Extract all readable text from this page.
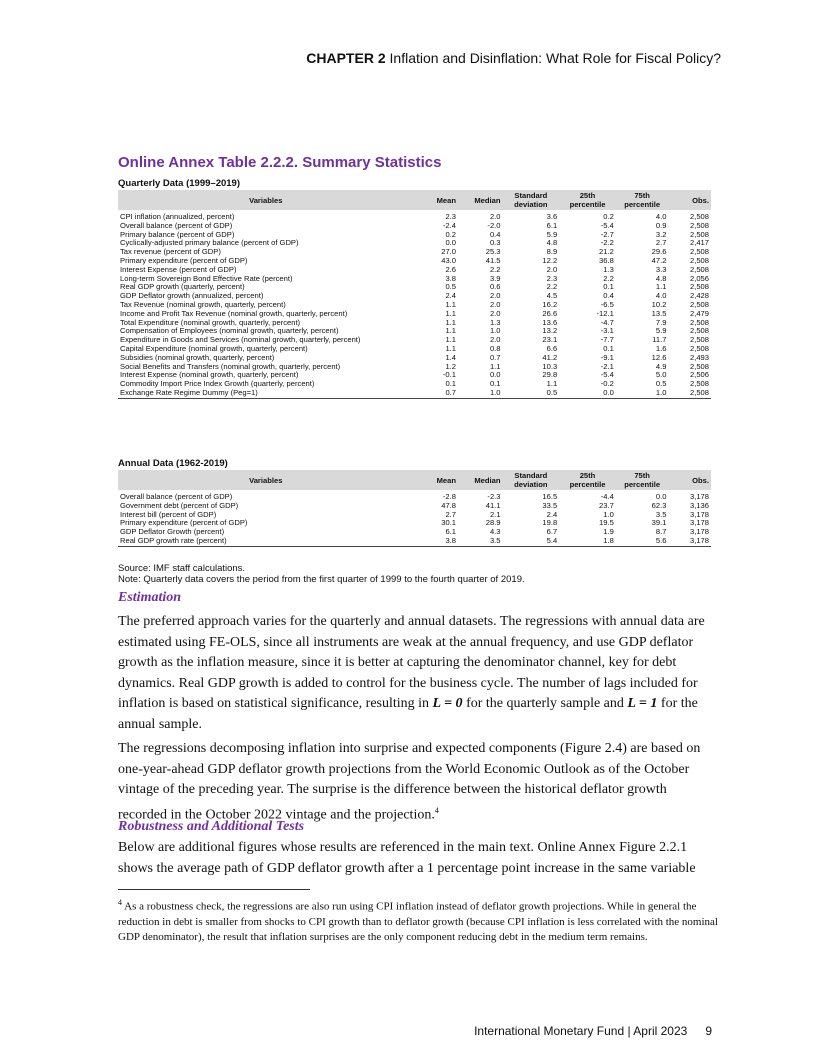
CHAPTER 2 Inflation and Disinflation: What Role for Fiscal Policy?
Online Annex Table 2.2.2. Summary Statistics
Quarterly Data (1999–2019)
Variables	Mean	Median	Standard deviation	25th percentile	75th percentile	Obs.
CPI inflation (annualized, percent)	2.3	2.0	3.6	0.2	4.0	2,508
Overall balance (percent of GDP)	-2.4	-2.0	6.1	-5.4	0.9	2,508
Primary balance (percent of GDP)	0.2	0.4	5.9	-2.7	3.2	2,508
Cyclically-adjusted primary balance (percent of GDP)	0.0	0.3	4.8	-2.2	2.7	2,417
Tax revenue (percent of GDP)	27.0	25.3	8.9	21.2	29.6	2,508
Primary expenditure (percent of GDP)	43.0	41.5	12.2	36.8	47.2	2,508
Interest Expense (percent of GDP)	2.6	2.2	2.0	1.3	3.3	2,508
Long-term Sovereign Bond Effective Rate (percent)	3.8	3.9	2.3	2.2	4.8	2,056
Real GDP growth (quarterly, percent)	0.5	0.6	2.2	0.1	1.1	2,508
GDP Deflator growth (annualized, percent)	2.4	2.0	4.5	0.4	4.0	2,428
Tax Revenue (nominal growth, quarterly, percent)	1.1	2.0	16.2	-6.5	10.2	2,508
Income and Profit Tax Revenue (nominal growth, quarterly, percent)	1.1	2.0	26.6	-12.1	13.5	2,479
Total Expenditure (nominal growth, quarterly, percent)	1.1	1.3	13.6	-4.7	7.9	2,508
Compensation of Employees (nominal growth, quarterly, percent)	1.1	1.0	13.2	-3.1	5.9	2,508
Expenditure in Goods and Services (nominal growth, quarterly, percent)	1.1	2.0	23.1	-7.7	11.7	2,508
Capital Expenditure (nominal growth, quarterly, percent)	1.1	0.8	6.6	0.1	1.6	2,508
Subsidies (nominal growth, quarterly, percent)	1.4	0.7	41.2	-9.1	12.6	2,493
Social Benefits and Transfers (nominal growth, quarterly, percent)	1.2	1.1	10.3	-2.1	4.9	2,508
Interest Expense (nominal growth, quarterly, percent)	-0.1	0.0	29.8	-5.4	5.0	2,506
Commodity Import Price Index Growth (quarterly, percent)	0.1	0.1	1.1	-0.2	0.5	2,508
Exchange Rate Regime Dummy (Peg=1)	0.7	1.0	0.5	0.0	1.0	2,508
Annual Data (1962-2019)
Variables	Mean	Median	Standard deviation	25th percentile	75th percentile	Obs.
Overall balance (percent of GDP)	-2.8	-2.3	16.5	-4.4	0.0	3,178
Government debt (percent of GDP)	47.8	41.1	33.5	23.7	62.3	3,136
Interest bill (percent of GDP)	2.7	2.1	2.4	1.0	3.5	3,178
Primary expenditure (percent of GDP)	30.1	28.9	19.8	19.5	39.1	3,178
GDP Deflator Growth (percent)	6.1	4.3	6.7	1.9	8.7	3,178
Real GDP growth rate (percent)	3.8	3.5	5.4	1.8	5.6	3,178
Source: IMF staff calculations.
Note: Quarterly data covers the period from the first quarter of 1999 to the fourth quarter of 2019.
Estimation
The preferred approach varies for the quarterly and annual datasets. The regressions with annual data are estimated using FE-OLS, since all instruments are weak at the annual frequency, and use GDP deflator growth as the inflation measure, since it is better at capturing the denominator channel, key for debt dynamics. Real GDP growth is added to control for the business cycle. The number of lags included for inflation is based on statistical significance, resulting in L = 0 for the quarterly sample and L = 1 for the annual sample.
The regressions decomposing inflation into surprise and expected components (Figure 2.4) are based on one-year-ahead GDP deflator growth projections from the World Economic Outlook as of the October vintage of the preceding year. The surprise is the difference between the historical deflator growth recorded in the October 2022 vintage and the projection.$^4$
Robustness and Additional Tests
Below are additional figures whose results are referenced in the main text. Online Annex Figure 2.2.1 shows the average path of GDP deflator growth after a 1 percentage point increase in the same variable
$^4$ As a robustness check, the regressions are also run using CPI inflation instead of deflator growth projections. While in general the reduction in debt is smaller from shocks to CPI growth than to deflator growth (because CPI inflation is less correlated with the nominal GDP denominator), the result that inflation surprises are the only component reducing debt in the medium term remains.
International Monetary Fund | April 2023 9
